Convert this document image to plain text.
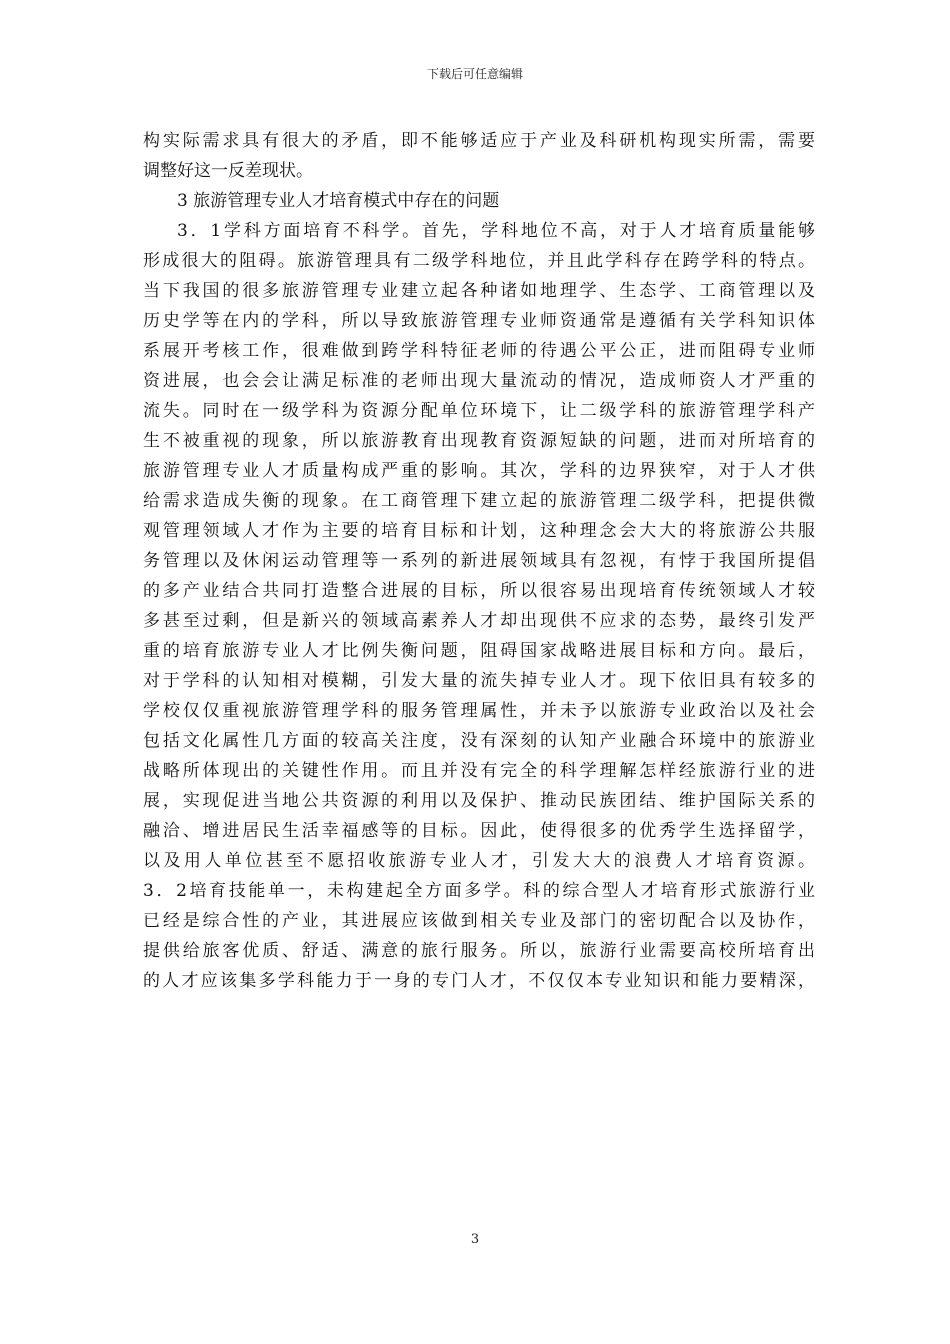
下载后可任意编辑
构实际需求具有很大的矛盾，即不能够适应于产业及科研机构现实所需，需要
调整好这一反差现状。
3 旅游管理专业人才培育模式中存在的问题
3．1学科方面培育不科学。首先，学科地位不高，对于人才培育质量能够
形成很大的阻碍。旅游管理具有二级学科地位，并且此学科存在跨学科的特点。
当下我国的很多旅游管理专业建立起各种诸如地理学、生态学、工商管理以及
历史学等在内的学科，所以导致旅游管理专业师资通常是遵循有关学科知识体
系展开考核工作，很难做到跨学科特征老师的待遇公平公正，进而阻碍专业师
资进展，也会会让满足标准的老师出现大量流动的情况，造成师资人才严重的
流失。同时在一级学科为资源分配单位环境下，让二级学科的旅游管理学科产
生不被重视的现象，所以旅游教育出现教育资源短缺的问题，进而对所培育的
旅游管理专业人才质量构成严重的影响。其次，学科的边界狭窄，对于人才供
给需求造成失衡的现象。在工商管理下建立起的旅游管理二级学科，把提供微
观管理领域人才作为主要的培育目标和计划，这种理念会大大的将旅游公共服
务管理以及休闲运动管理等一系列的新进展领域具有忽视，有悖于我国所提倡
的多产业结合共同打造整合进展的目标，所以很容易出现培育传统领域人才较
多甚至过剩，但是新兴的领域高素养人才却出现供不应求的态势，最终引发严
重的培育旅游专业人才比例失衡问题，阻碍国家战略进展目标和方向。最后，
对于学科的认知相对模糊，引发大量的流失掉专业人才。现下依旧具有较多的
学校仅仅重视旅游管理学科的服务管理属性，并未予以旅游专业政治以及社会
包括文化属性几方面的较高关注度，没有深刻的认知产业融合环境中的旅游业
战略所体现出的关键性作用。而且并没有完全的科学理解怎样经旅游行业的进
展，实现促进当地公共资源的利用以及保护、推动民族团结、维护国际关系的
融洽、增进居民生活幸福感等的目标。因此，使得很多的优秀学生选择留学，
以及用人单位甚至不愿招收旅游专业人才，引发大大的浪费人才培育资源。
3．2培育技能单一，未构建起全方面多学。科的综合型人才培育形式旅游行业
已经是综合性的产业，其进展应该做到相关专业及部门的密切配合以及协作，
提供给旅客优质、舒适、满意的旅行服务。所以，旅游行业需要高校所培育出
的人才应该集多学科能力于一身的专门人才，不仅仅本专业知识和能力要精深，
3
